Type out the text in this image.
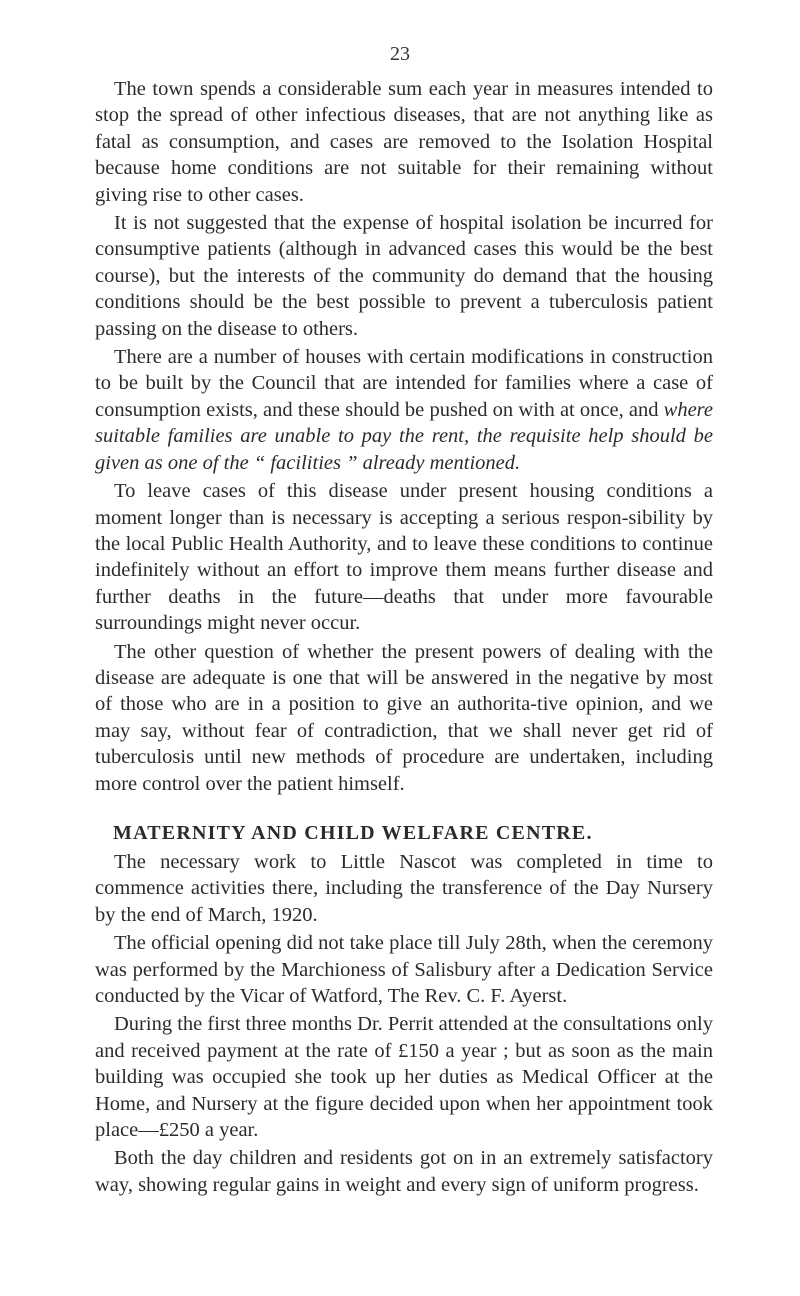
23

The town spends a considerable sum each year in measures intended to stop the spread of other infectious diseases, that are not anything like as fatal as consumption, and cases are removed to the Isolation Hospital because home conditions are not suitable for their remaining without giving rise to other cases.

It is not suggested that the expense of hospital isolation be incurred for consumptive patients (although in advanced cases this would be the best course), but the interests of the community do demand that the housing conditions should be the best possible to prevent a tuberculosis patient passing on the disease to others.

There are a number of houses with certain modifications in construction to be built by the Council that are intended for families where a case of consumption exists, and these should be pushed on with at once, and where suitable families are unable to pay the rent, the requisite help should be given as one of the “ facilities ” already mentioned.

To leave cases of this disease under present housing conditions a moment longer than is necessary is accepting a serious respon-sibility by the local Public Health Authority, and to leave these conditions to continue indefinitely without an effort to improve them means further disease and further deaths in the future—deaths that under more favourable surroundings might never occur.

The other question of whether the present powers of dealing with the disease are adequate is one that will be answered in the negative by most of those who are in a position to give an authorita-tive opinion, and we may say, without fear of contradiction, that we shall never get rid of tuberculosis until new methods of procedure are undertaken, including more control over the patient himself.

MATERNITY AND CHILD WELFARE CENTRE.

The necessary work to Little Nascot was completed in time to commence activities there, including the transference of the Day Nursery by the end of March, 1920.

The official opening did not take place till July 28th, when the ceremony was performed by the Marchioness of Salisbury after a Dedication Service conducted by the Vicar of Watford, The Rev. C. F. Ayerst.

During the first three months Dr. Perrit attended at the consultations only and received payment at the rate of £150 a year ; but as soon as the main building was occupied she took up her duties as Medical Officer at the Home, and Nursery at the figure decided upon when her appointment took place—£250 a year.

Both the day children and residents got on in an extremely satisfactory way, showing regular gains in weight and every sign of uniform progress.
